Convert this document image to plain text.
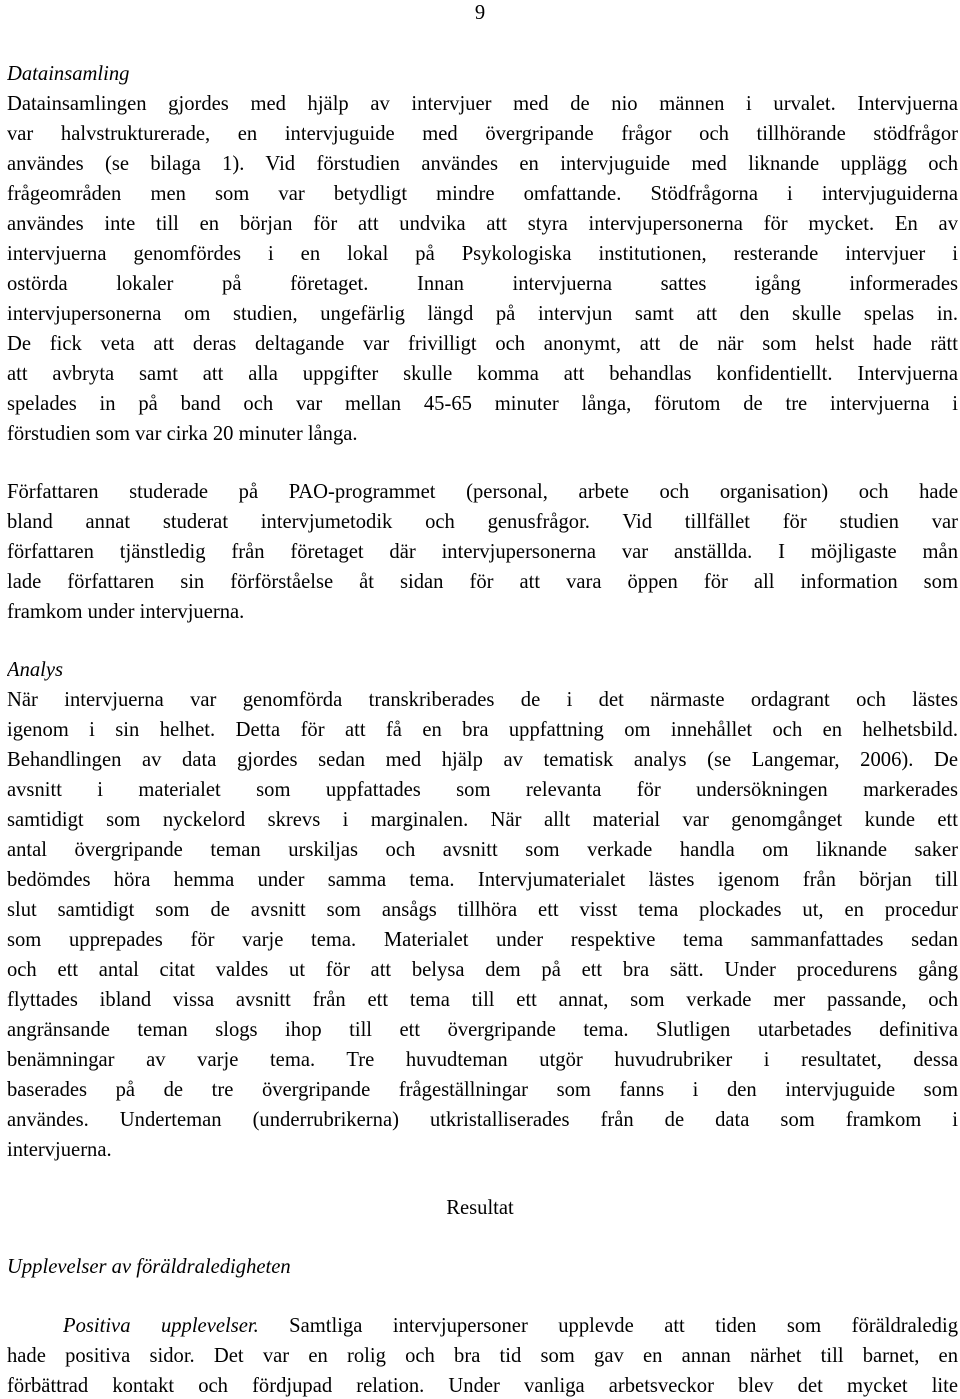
9
Datainsamling
Datainsamlingen gjordes med hjälp av intervjuer med de nio männen i urvalet. Intervjuerna
var halvstrukturerade, en intervjuguide med övergripande frågor och tillhörande stödfrågor
användes (se bilaga 1). Vid förstudien användes en intervjuguide med liknande upplägg och
frågeområden men som var betydligt mindre omfattande. Stödfrågorna i intervjuguiderna
användes inte till en början för att undvika att styra intervjupersonerna för mycket. En av
intervjuerna genomfördes i en lokal på Psykologiska institutionen, resterande intervjuer i
ostörda lokaler på företaget. Innan intervjuerna sattes igång informerades
intervjupersonerna om studien, ungefärlig längd på intervjun samt att den skulle spelas in.
De fick veta att deras deltagande var frivilligt och anonymt, att de när som helst hade rätt
att avbryta samt att alla uppgifter skulle komma att behandlas konfidentiellt. Intervjuerna
spelades in på band och var mellan 45-65 minuter långa, förutom de tre intervjuerna i
förstudien som var cirka 20 minuter långa.
Författaren studerade på PAO-programmet (personal, arbete och organisation) och hade
bland annat studerat intervjumetodik och genusfrågor. Vid tillfället för studien var
författaren tjänstledig från företaget där intervjupersonerna var anställda. I möjligaste mån
lade författaren sin förförståelse åt sidan för att vara öppen för all information som
framkom under intervjuerna.
Analys
När intervjuerna var genomförda transkriberades de i det närmaste ordagrant och lästes
igenom i sin helhet. Detta för att få en bra uppfattning om innehållet och en helhetsbild.
Behandlingen av data gjordes sedan med hjälp av tematisk analys (se Langemar, 2006). De
avsnitt i materialet som uppfattades som relevanta för undersökningen markerades
samtidigt som nyckelord skrevs i marginalen. När allt material var genomgånget kunde ett
antal övergripande teman urskiljas och avsnitt som verkade handla om liknande saker
bedömdes höra hemma under samma tema. Intervjumaterialet lästes igenom från början till
slut samtidigt som de avsnitt som ansågs tillhöra ett visst tema plockades ut, en procedur
som upprepades för varje tema. Materialet under respektive tema sammanfattades sedan
och ett antal citat valdes ut för att belysa dem på ett bra sätt. Under procedurens gång
flyttades ibland vissa avsnitt från ett tema till ett annat, som verkade mer passande, och
angränsande teman slogs ihop till ett övergripande tema. Slutligen utarbetades definitiva
benämningar av varje tema. Tre huvudteman utgör huvudrubriker i resultatet, dessa
baserades på de tre övergripande frågeställningar som fanns i den intervjuguide som
användes. Underteman (underrubrikerna) utkristalliserades från de data som framkom i
intervjuerna.
Resultat
Upplevelser av föräldraledigheten
Positiva upplevelser. Samtliga intervjupersoner upplevde att tiden som föräldraledig
hade positiva sidor. Det var en rolig och bra tid som gav en annan närhet till barnet, en
förbättrad kontakt och fördjupad relation. Under vanliga arbetsveckor blev det mycket lite
